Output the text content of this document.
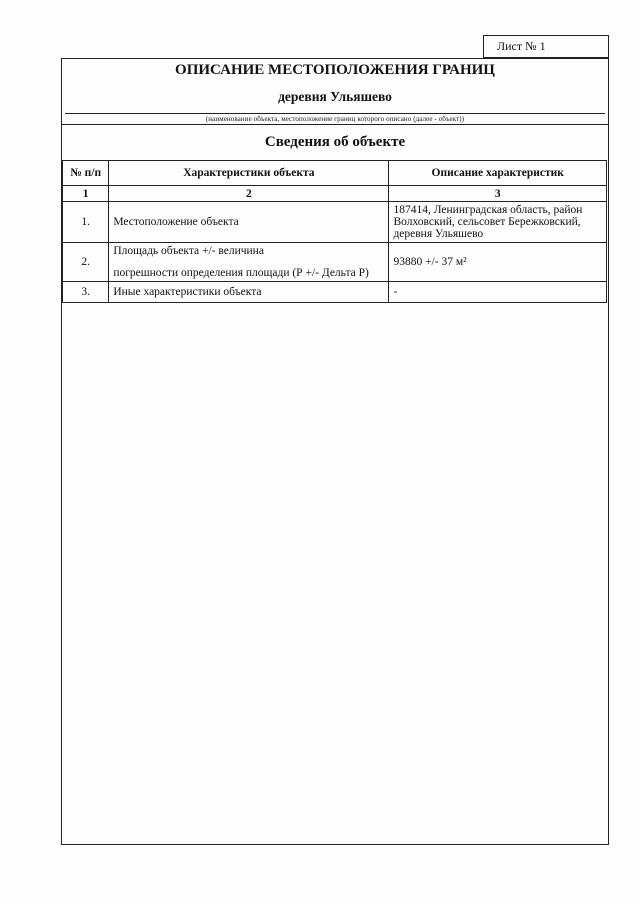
Лист № 1
ОПИСАНИЕ МЕСТОПОЛОЖЕНИЯ ГРАНИЦ
деревня Ульяшево
(наименование объекта, местоположение границ которого описано (далее - объект))
Сведения об объекте
№ п/п	Характеристики объекта	Описание характеристик
1	2	3
1.	Местоположение объекта	187414, Ленинградская область, район
Волховский, сельсовет Бережковский,
деревня Ульяшево

2.	Площадь объекта +/- величина
погрешности определения площади (Р +/- Дельта Р)	93880 +/- 37 м²
3.	Иные характеристики объекта	-
